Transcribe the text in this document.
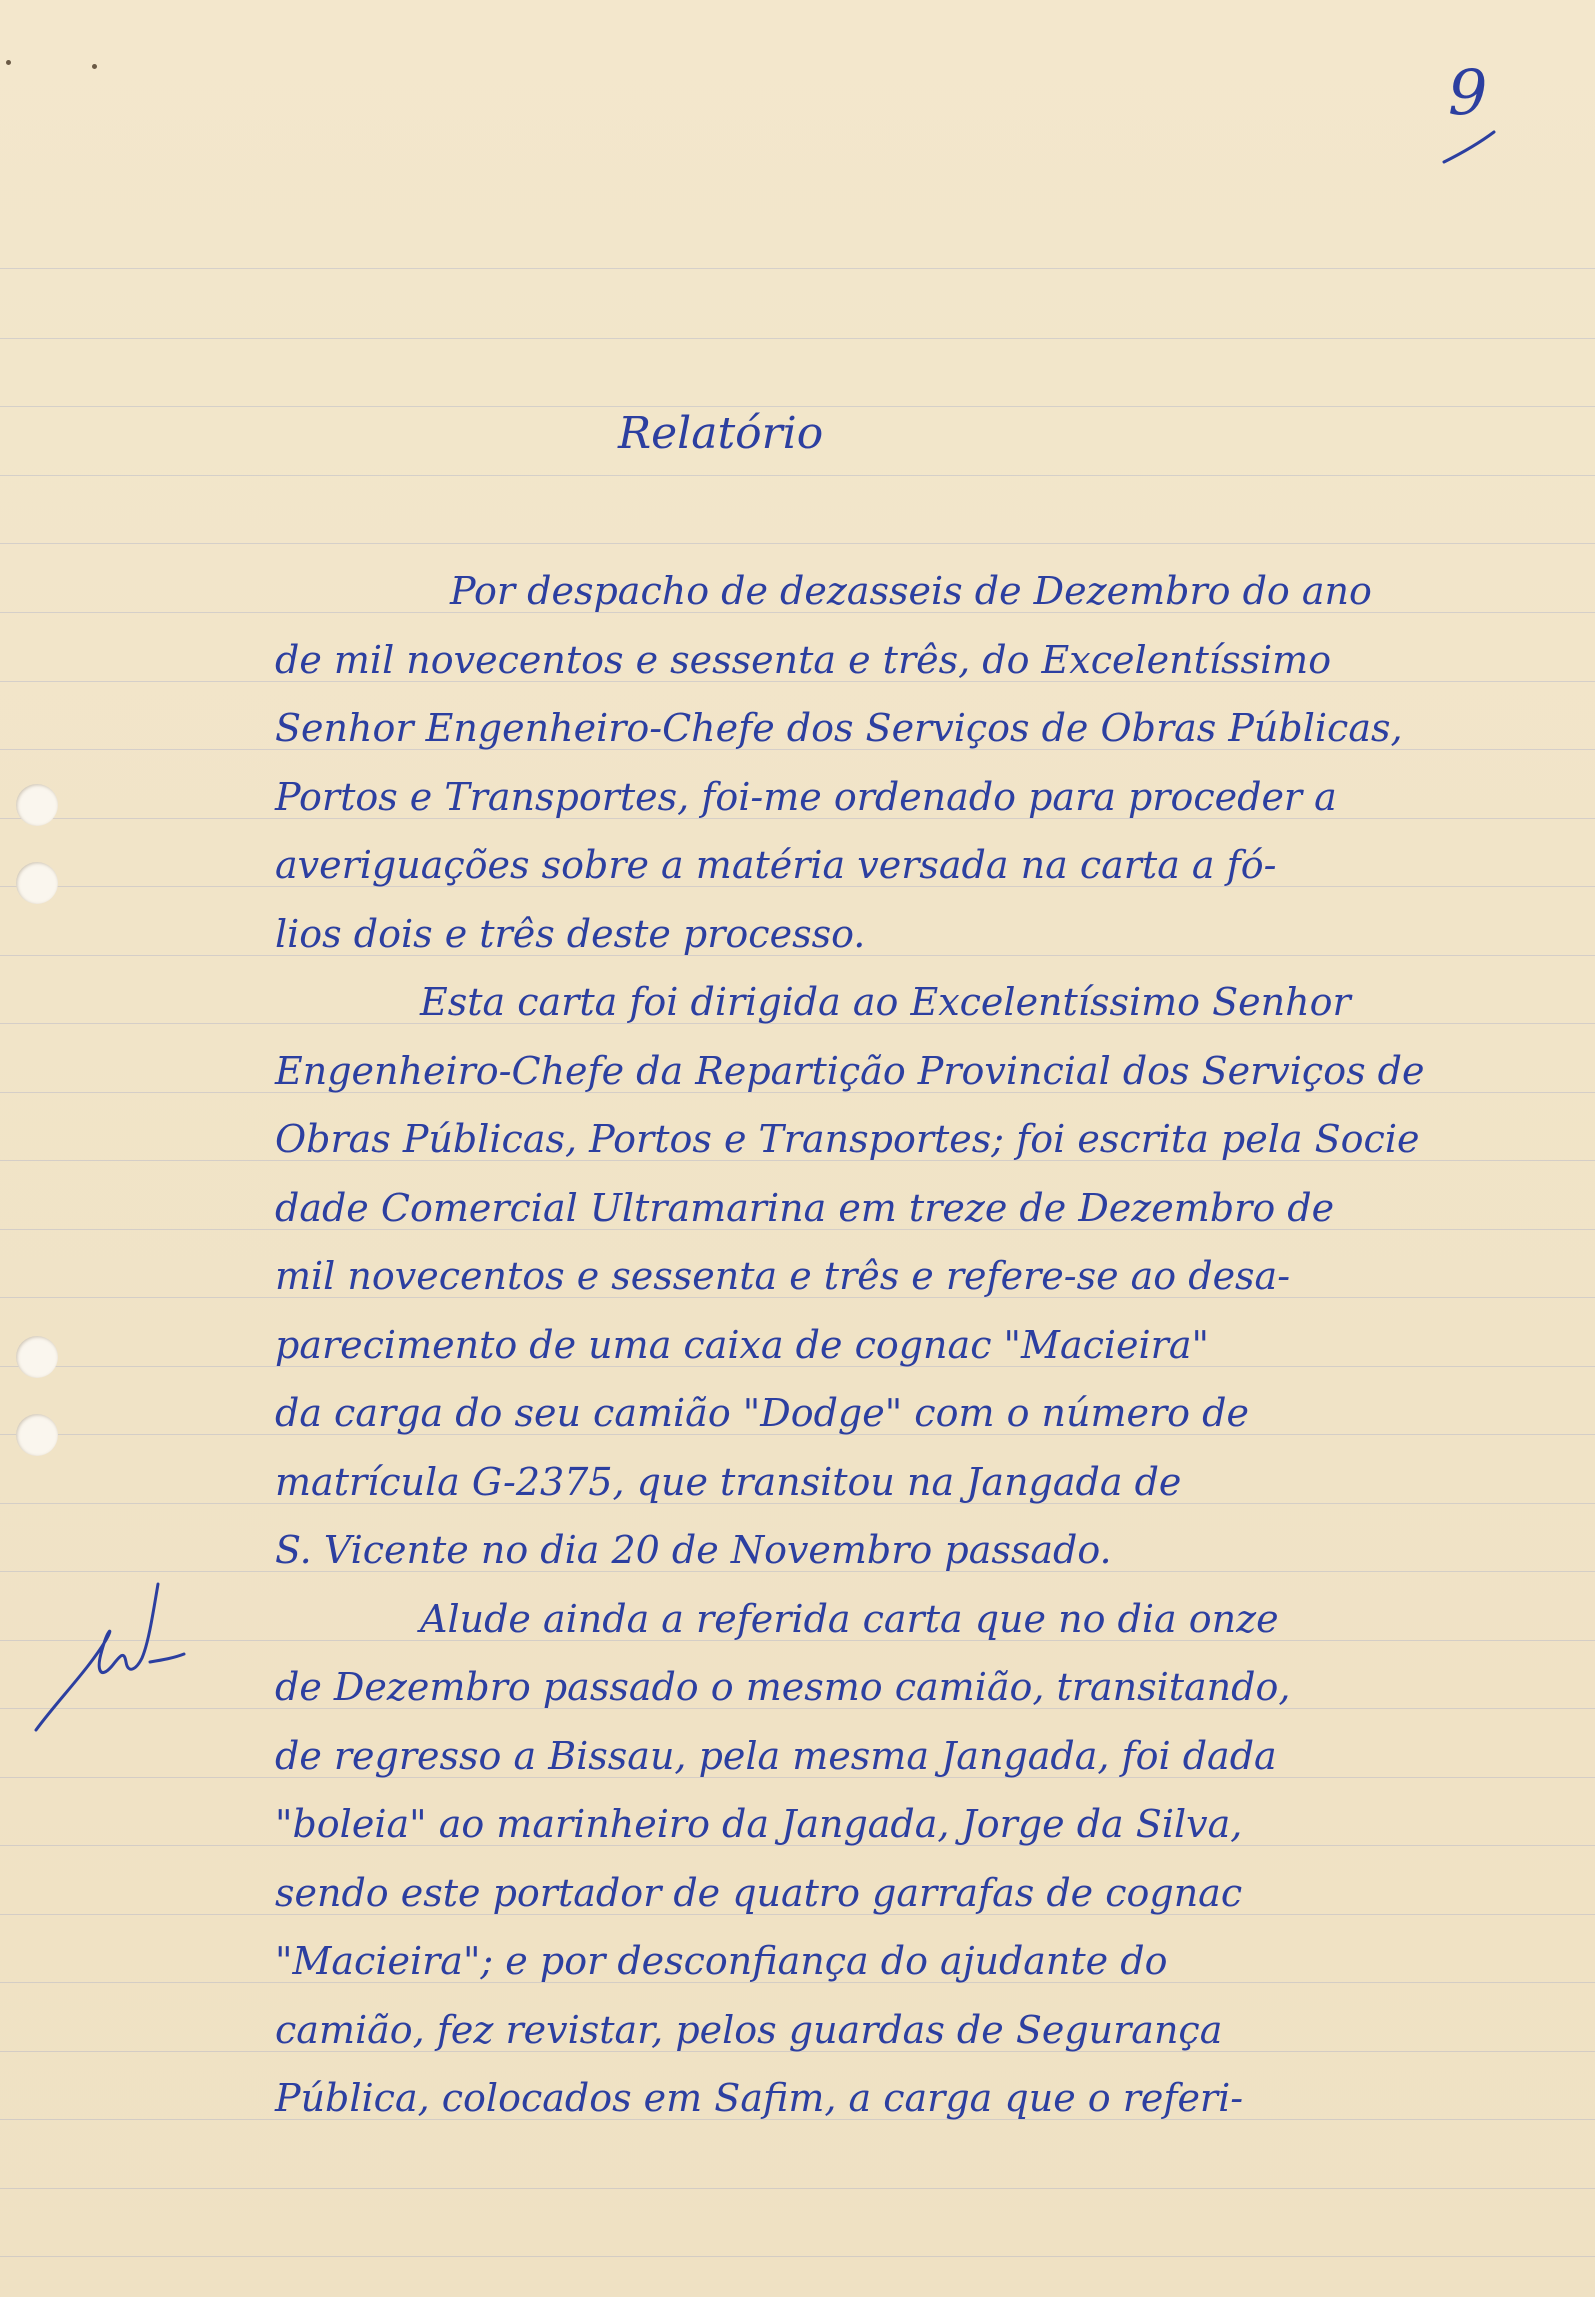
9
Relatório

Por despacho de dezasseis de Dezembro do ano

de mil novecentos e sessenta e três, do Excelentíssimo

Senhor Engenheiro-Chefe dos Serviços de Obras Públicas,

Portos e Transportes, foi-me ordenado para proceder a

averiguações sobre a matéria versada na carta a fó-

lios dois e três deste processo.

Esta carta foi dirigida ao Excelentíssimo Senhor

Engenheiro-Chefe da Repartição Provincial dos Serviços de

Obras Públicas, Portos e Transportes; foi escrita pela Socie

dade Comercial Ultramarina em treze de Dezembro de

mil novecentos e sessenta e três e refere-se ao desa-

parecimento de uma caixa de cognac "Macieira"

da carga do seu camião "Dodge" com o número de

matrícula G-2375, que transitou na Jangada de

S. Vicente no dia 20 de Novembro passado.

Alude ainda a referida carta que no dia onze

de Dezembro passado o mesmo camião, transitando,

de regresso a Bissau, pela mesma Jangada, foi dada

"boleia" ao marinheiro da Jangada, Jorge da Silva,

sendo este portador de quatro garrafas de cognac

"Macieira"; e por desconfiança do ajudante do

camião, fez revistar, pelos guardas de Segurança

Pública, colocados em Safim, a carga que o referi-
